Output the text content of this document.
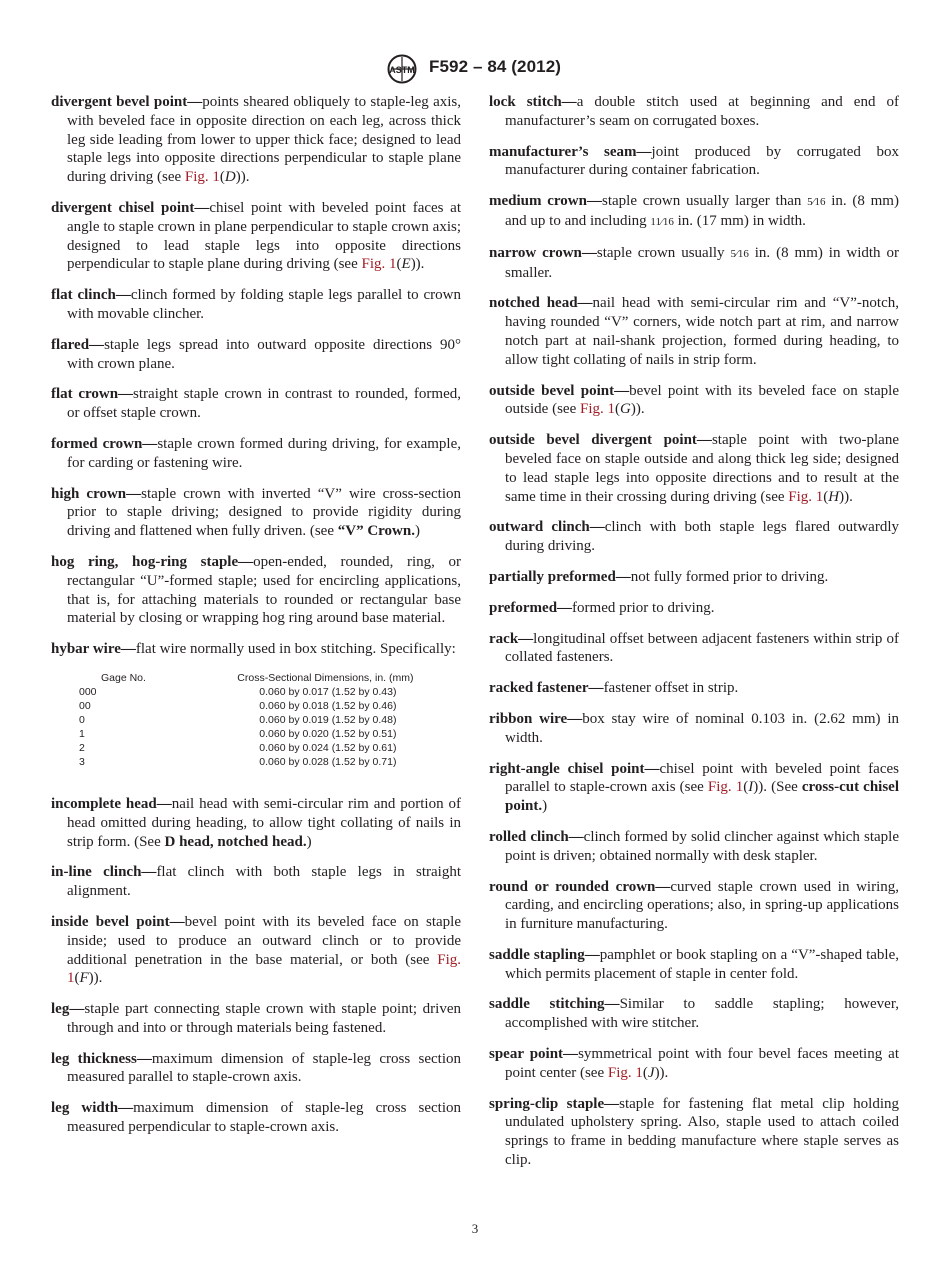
ASTM F592 – 84 (2012)

divergent bevel point—points sheared obliquely to staple-leg axis, with beveled face in opposite direction on each leg, across thick leg side leading from lower to upper thick face; designed to lead staple legs into opposite directions perpendicular to staple plane during driving (see Fig. 1(D)).

divergent chisel point—chisel point with beveled point faces at angle to staple crown in plane perpendicular to staple crown axis; designed to lead staple legs into opposite directions perpendicular to staple plane during driving (see Fig. 1(E)).

flat clinch—clinch formed by folding staple legs parallel to crown with movable clincher.

flared—staple legs spread into outward opposite directions 90° with crown plane.

flat crown—straight staple crown in contrast to rounded, formed, or offset staple crown.

formed crown—staple crown formed during driving, for example, for carding or fastening wire.

high crown—staple crown with inverted “V” wire cross-section prior to staple driving; designed to provide rigidity during driving and flattened when fully driven. (see “V” Crown.)

hog ring, hog-ring staple—open-ended, rounded, ring, or rectangular “U”-formed staple; used for encircling applications, that is, for attaching materials to rounded or rectangular base material by closing or wrapping hog ring around base material.

hybar wire—flat wire normally used in box stitching. Specifically:

Gage No.	Cross-Sectional Dimensions, in. (mm)
000	0.060 by 0.017 (1.52 by 0.43)
00	0.060 by 0.018 (1.52 by 0.46)
0	0.060 by 0.019 (1.52 by 0.48)
1	0.060 by 0.020 (1.52 by 0.51)
2	0.060 by 0.024 (1.52 by 0.61)
3	0.060 by 0.028 (1.52 by 0.71)

incomplete head—nail head with semi-circular rim and portion of head omitted during heading, to allow tight collating of nails in strip form. (See D head, notched head.)

in-line clinch—flat clinch with both staple legs in straight alignment.

inside bevel point—bevel point with its beveled face on staple inside; used to produce an outward clinch or to provide additional penetration in the base material, or both (see Fig. 1(F)).

leg—staple part connecting staple crown with staple point; driven through and into or through materials being fastened.

leg thickness—maximum dimension of staple-leg cross section measured parallel to staple-crown axis.

leg width—maximum dimension of staple-leg cross section measured perpendicular to staple-crown axis.

lock stitch—a double stitch used at beginning and end of manufacturer’s seam on corrugated boxes.

manufacturer’s seam—joint produced by corrugated box manufacturer during container fabrication.

medium crown—staple crown usually larger than 5⁄16 in. (8 mm) and up to and including 11⁄16 in. (17 mm) in width.

narrow crown—staple crown usually 5⁄16 in. (8 mm) in width or smaller.

notched head—nail head with semi-circular rim and “V”-notch, having rounded “V” corners, wide notch part at rim, and narrow notch part at nail-shank projection, formed during heading, to allow tight collating of nails in strip form.

outside bevel point—bevel point with its beveled face on staple outside (see Fig. 1(G)).

outside bevel divergent point—staple point with two-plane beveled face on staple outside and along thick leg side; designed to lead staple legs into opposite directions and to result at the same time in their crossing during driving (see Fig. 1(H)).

outward clinch—clinch with both staple legs flared outwardly during driving.

partially preformed—not fully formed prior to driving.

preformed—formed prior to driving.

rack—longitudinal offset between adjacent fasteners within strip of collated fasteners.

racked fastener—fastener offset in strip.

ribbon wire—box stay wire of nominal 0.103 in. (2.62 mm) in width.

right-angle chisel point—chisel point with beveled point faces parallel to staple-crown axis (see Fig. 1(I)). (See cross-cut chisel point.)

rolled clinch—clinch formed by solid clincher against which staple point is driven; obtained normally with desk stapler.

round or rounded crown—curved staple crown used in wiring, carding, and encircling operations; also, in spring-up applications in furniture manufacturing.

saddle stapling—pamphlet or book stapling on a “V”-shaped table, which permits placement of staple in center fold.

saddle stitching—Similar to saddle stapling; however, accomplished with wire stitcher.

spear point—symmetrical point with four bevel faces meeting at point center (see Fig. 1(J)).

spring-clip staple—staple for fastening flat metal clip holding undulated upholstery spring. Also, staple used to attach coiled springs to frame in bedding manufacture where staple serves as clip.

3
